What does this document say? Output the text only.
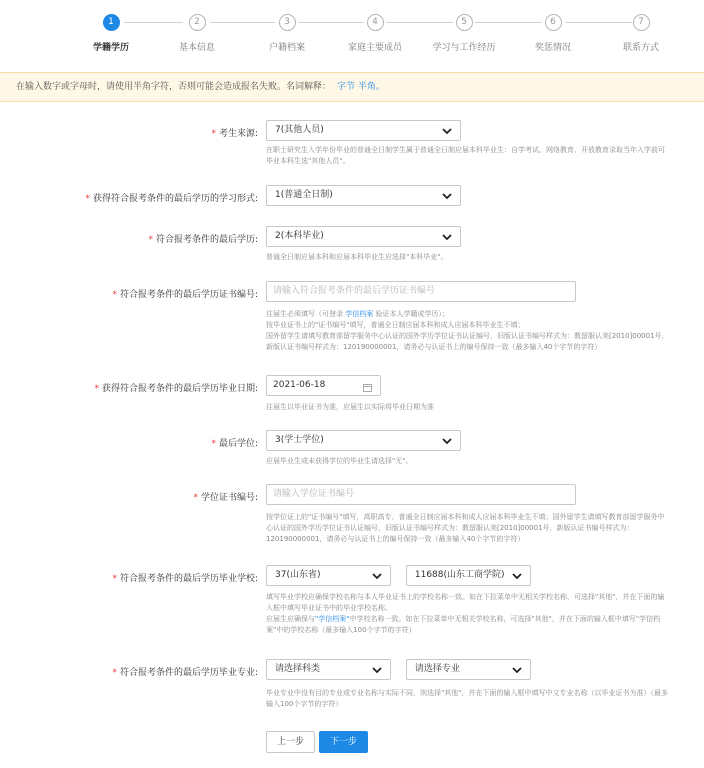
1
学籍学历
2
基本信息
3
户籍档案
4
家庭主要成员
5
学习与工作经历
6
奖惩情况
7
联系方式
在输入数字或字母时，请使用半角字符，否则可能会造成报名失败。名词解释： 字节 半角。
* 考生来源:	7(其他人员)
在职士研究生入学年份毕业的普通全日制学生属于普通全日制应届本科毕业生：自学考试、网络教育、开放教育录取当年入学前可毕业本科生选"其他人员"。
* 获得符合报考条件的最后学历的学习形式:	1(普通全日制)
* 符合报考条件的最后学历:	2(本科毕业)
普通全日制应届本科和应届本科毕业生应选择"本科毕业"。
* 符合报考条件的最后学历证书编号:	请输入符合报考条件的最后学历证书编号
往届生必须填写（可登录 学信档案 验证本人学籍或学历）；
按毕业证书上的"证书编号"填写，普通全日制应届本科和成人应届本科毕业生不填；
国外留学生请填写教育部留学服务中心认证的国外学历学位证书认证编号，旧版认证书编号样式为：教留服认美[2010]00001号，新版认证书编号样式为：120190000001，请务必与认证书上的编号保持一致（最多输入40个字节的字符）
* 获得符合报考条件的最后学历毕业日期:	2021-06-18
往届生以毕业证书为准，应届生以实际将毕业日期为准
* 最后学位:	3(学士学位)
应届毕业生或未获得学位的毕业生请选择"无"。
* 学位证书编号:	请输入学位证书编号
按学位证上的"证书编号"填写，高职高专、普通全日制应届本科和成人应届本科毕业生不填；国外留学生请填写教育部留学服务中心认证的国外学历学位证书认证编号，旧版认证书编号样式为：教留服认美[2010]00001号，新版认证书编号样式为：120190000001，请务必与认证书上的编号保持一致（最多输入40个字节的字符）
* 符合报考条件的最后学历毕业学校:	37(山东省)	11688(山东工商学院)
填写毕业学校应确保学校名称与本人毕业证书上的学校名称一致。如在下拉菜单中无相关学校名称，可选择"其他"，并在下面的输入框中填写毕业证书中的毕业学校名称。
应届生应确保与"学信档案"中学校名称一致。如在下拉菜单中无相关学校名称，可选择"其他"，并在下面的输入框中填写"学信档案"中的学校名称（最多输入100个字节的字符）
* 符合报考条件的最后学历毕业专业:	请选择科类	请选择专业
毕业专业中没有目的专业或专业名称与实际不同，则选择"其他"，并在下面的输入框中填写中文专业名称（以毕业证书为准）（最多输入100个字节的字符）
上一步	下一步
